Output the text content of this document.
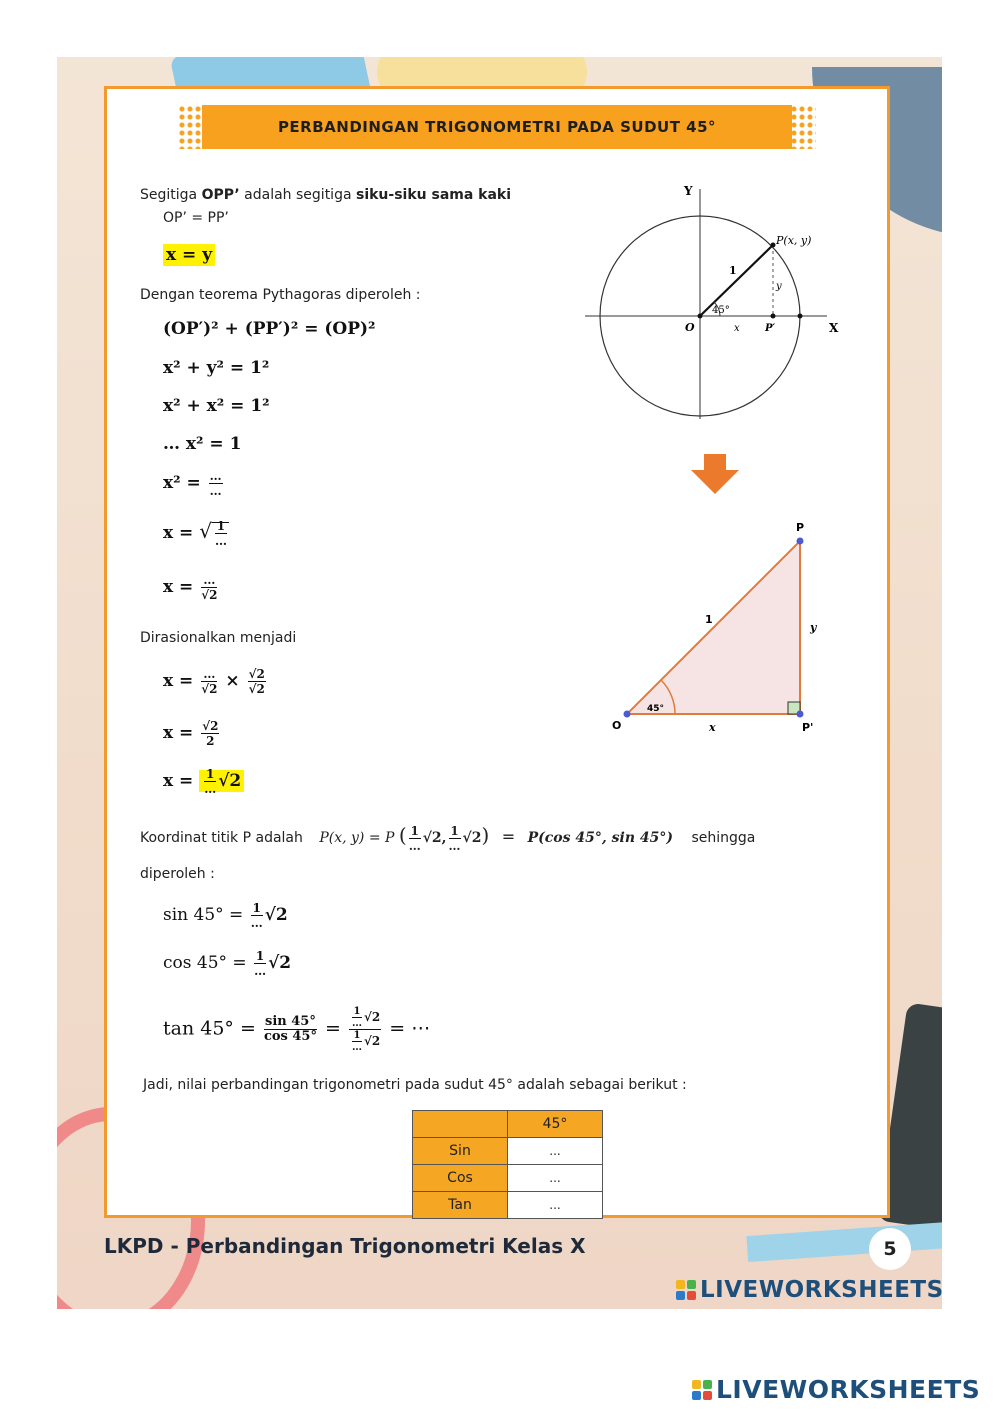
PERBANDINGAN TRIGONOMETRI PADA SUDUT 45°
Segitiga OPP’ adalah segitiga siku-siku sama kaki
OP’ = PP’
x = y
Dengan teorema Pythagoras diperoleh :
(OP′)² + (PP′)² = (OP)²
x² + y² = 1²
x² + x² = 1²
… x² = 1
$x^2 = \frac{\dots}{\dots}$
x = √ $\frac{1}{\dots}$
$x = \frac{\dots}{√2}$
Dirasionalkan menjadi
$x = \frac{\dots}{√2} \times \frac{√2}{√2}$
$x = \frac{√2}{2}$
$x = \frac{1}{\dots} √2$
Koordinat titik P adalah P(x, y) = P ( $\frac{1}{\dots} √2$, $\frac{1}{\dots} √2) = P(\cos$ 45°, sin 45°) sehingga
diperoleh :
$\sin 45^\circ = \frac{1}{\dots} √2$
$\cos 45^\circ = \frac{1}{\dots} √2$
$\tan 45^\circ = \frac{\sin 45^\circ}{\cos 45^\circ} = \frac{\frac{1}{\dots} √2}{\frac{1}{\dots} √2}$ = ⋯
Jadi, nilai perbandingan trigonometri pada sudut 45° adalah sebagai berikut :
	45°
Sin	...
Cos	...
Tan	...
Y
X
O
P(x, y)
1
45°
x
y
P′
P
O	P'
1
y
x
45°
LKPD - Perbandingan Trigonometri Kelas X	5
LIVEWORKSHEETS
LIVEWORKSHEETS
